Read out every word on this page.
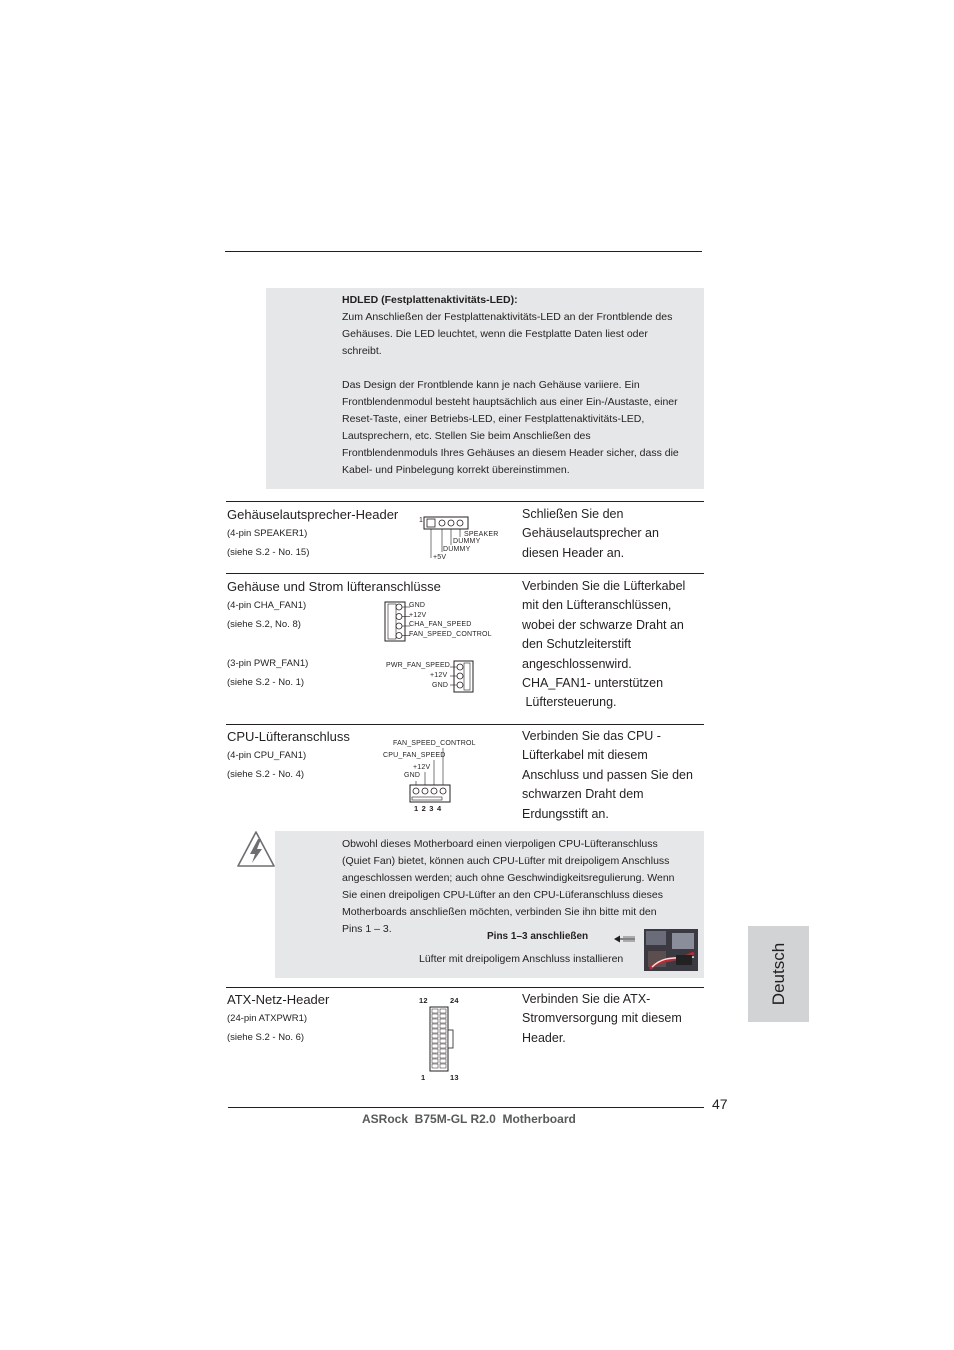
HDLED (Festplattenaktivitäts-LED):
Zum Anschließen der Festplattenaktivitäts-LED an der Frontblende des
Gehäuses. Die LED leuchtet, wenn die Festplatte Daten liest oder
schreibt.
Das Design der Frontblende kann je nach Gehäuse variiere. Ein
Frontblendenmodul besteht hauptsächlich aus einer Ein-/Austaste, einer
Reset-Taste, einer Betriebs-LED, einer Festplattenaktivitäts-LED,
Lautsprechern, etc. Stellen Sie beim Anschließen des
Frontblendenmoduls Ihres Gehäuses an diesem Header sicher, dass die
Kabel- und Pinbelegung korrekt übereinstimmen.
Gehäuselautsprecher-Header
(4-pin SPEAKER1)
(siehe S.2 - No. 15)
Schließen Sie den
Gehäuselautsprecher an
diesen Header an.
1
SPEAKER
DUMMY
DUMMY
+5V
Gehäuse und Strom lüfteranschlüsse
(4-pin CHA_FAN1)
(siehe S.2, No. 8)
(3-pin PWR_FAN1)
(siehe S.2 - No. 1)
Verbinden Sie die Lüfterkabel
mit den Lüfteranschlüssen,
wobei der schwarze Draht an
den Schutzleiterstift
angeschlossenwird.
CHA_FAN1- unterstützen
Lüftersteuerung.
GND
+12V
CHA_FAN_SPEED
FAN_SPEED_CONTROL
PWR_FAN_SPEED
+12V
GND
CPU-Lüfteranschluss
(4-pin CPU_FAN1)
(siehe S.2 - No. 4)
Verbinden Sie das CPU -
Lüfterkabel mit diesem
Anschluss und passen Sie den
schwarzen Draht dem
Erdungsstift an.
FAN_SPEED_CONTROL
CPU_FAN_SPEED
+12V
GND
1 2 3 4
Obwohl dieses Motherboard einen vierpoligen CPU-Lüfteranschluss
(Quiet Fan) bietet, können auch CPU-Lüfter mit dreipoligem Anschluss
angeschlossen werden; auch ohne Geschwindigkeitsregulierung. Wenn
Sie einen dreipoligen CPU-Lüfter an den CPU-Lüferanschluss dieses
Motherboards anschließen möchten, verbinden Sie ihn bitte mit den
Pins 1 – 3.
Pins 1–3 anschließen
Lüfter mit dreipoligem Anschluss installieren
ATX-Netz-Header
(24-pin ATXPWR1)
(siehe S.2 - No. 6)
Verbinden Sie die ATX-
Stromversorgung mit diesem
Header.
12	24
1	13
47
ASRock  B75M-GL R2.0  Motherboard
Deutsch
